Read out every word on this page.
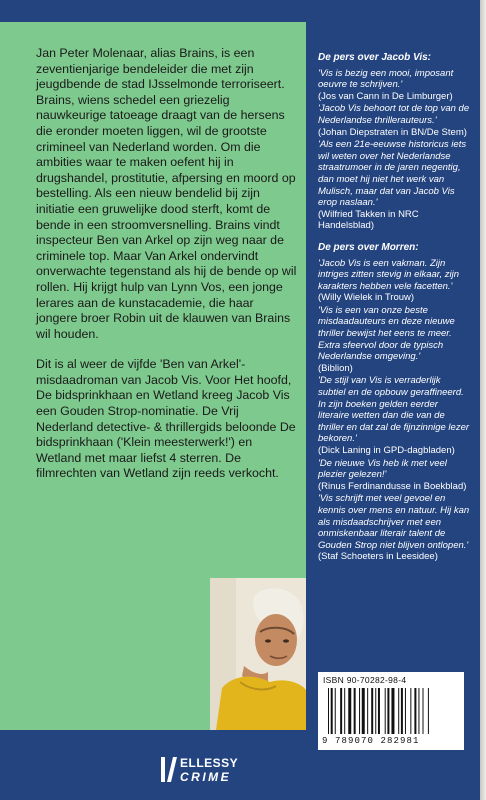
Jan Peter Molenaar, alias Brains, is een zeventienjarige bendeleider die met zijn jeugdbende de stad IJsselmonde terroriseert. Brains, wiens schedel een griezelig nauwkeurige tatoeage draagt van de hersens die eronder moeten liggen, wil de grootste crimineel van Nederland worden. Om die ambities waar te maken oefent hij in drugshandel, prostitutie, afpersing en moord op bestelling. Als een nieuw bendelid bij zijn initiatie een gruwelijke dood sterft, komt de bende in een stroomversnelling. Brains vindt inspecteur Ben van Arkel op zijn weg naar de criminele top. Maar Van Arkel ondervindt onverwachte tegenstand als hij de bende op wil rollen. Hij krijgt hulp van Lynn Vos, een jonge lerares aan de kunstacademie, die haar jongere broer Robin uit de klauwen van Brains wil houden.

Dit is al weer de vijfde 'Ben van Arkel'-misdaadroman van Jacob Vis. Voor Het hoofd, De bidsprinkhaan en Wetland kreeg Jacob Vis een Gouden Strop-nominatie. De Vrij Nederland detective- & thrillergids beloonde De bidsprinkhaan ('Klein meesterwerk!') en Wetland met maar liefst 4 sterren. De filmrechten van Wetland zijn reeds verkocht.

De pers over Jacob Vis:

'Vis is bezig een mooi, imposant oeuvre te schrijven.'

(Jos van Cann in De Limburger)

'Jacob Vis behoort tot de top van de Nederlandse thrillerauteurs.'

(Johan Diepstraten in BN/De Stem)

'Als een 21e-eeuwse historicus iets wil weten over het Nederlandse straatrumoer in de jaren negentig, dan moet hij niet het werk van Mulisch, maar dat van Jacob Vis erop naslaan.'

(Wilfried Takken in NRC Handelsblad)

De pers over Morren:

'Jacob Vis is een vakman. Zijn intriges zitten stevig in elkaar, zijn karakters hebben vele facetten.'

(Willy Wielek in Trouw)

'Vis is een van onze beste misdaadauteurs en deze nieuwe thriller bewijst het eens te meer. Extra sfeervol door de typisch Nederlandse omgeving.'

(Biblion)

'De stijl van Vis is verraderlijk subtiel en de opbouw geraffineerd. In zijn boeken gelden eerder literaire wetten dan die van de thriller en dat zal de fijnzinnige lezer bekoren.'

(Dick Laning in GPD-dagbladen)

'De nieuwe Vis heb ik met veel plezier gelezen!'

(Rinus Ferdinandusse in Boekblad)

'Vis schrijft met veel gevoel en kennis over mens en natuur. Hij kan als misdaadschrijver met een onmiskenbaar literair talent de Gouden Strop niet blijven ontlopen.'

(Staf Schoeters in Leesidee)

ISBN 90-70282-98-4
9 789070 282981
ELLESSY
CRIME
